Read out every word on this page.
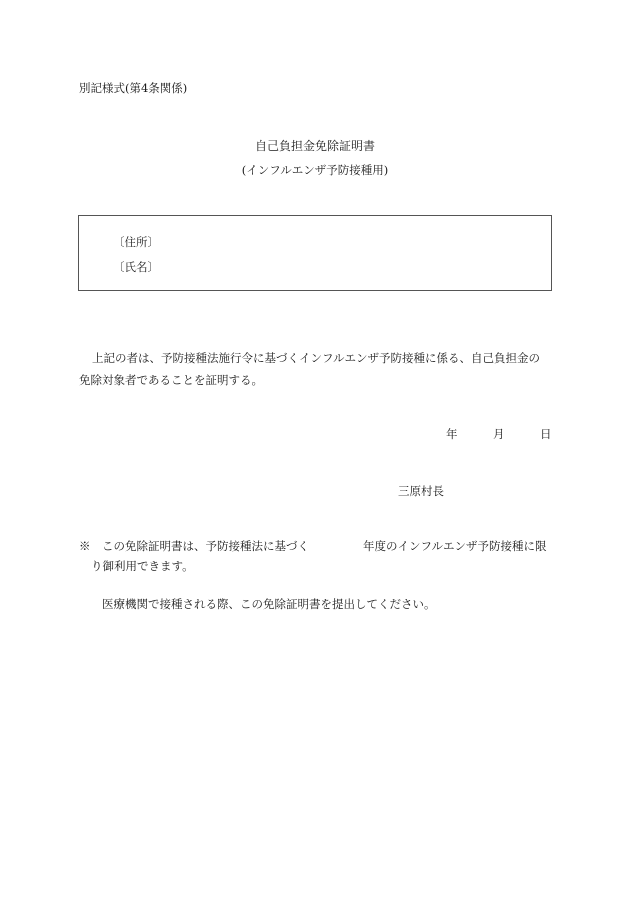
別記様式(第4条関係)
自己負担金免除証明書
(インフルエンザ予防接種用)
〔住所〕
〔氏名〕
上記の者は、予防接種法施行令に基づくインフルエンザ予防接種に係る、自己負担金の
免除対象者であることを証明する。
年	月	日
三原村長
※　この免除証明書は、予防接種法に基づく	年度のインフルエンザ予防接種に限
り御利用できます。
医療機関で接種される際、この免除証明書を提出してください。
